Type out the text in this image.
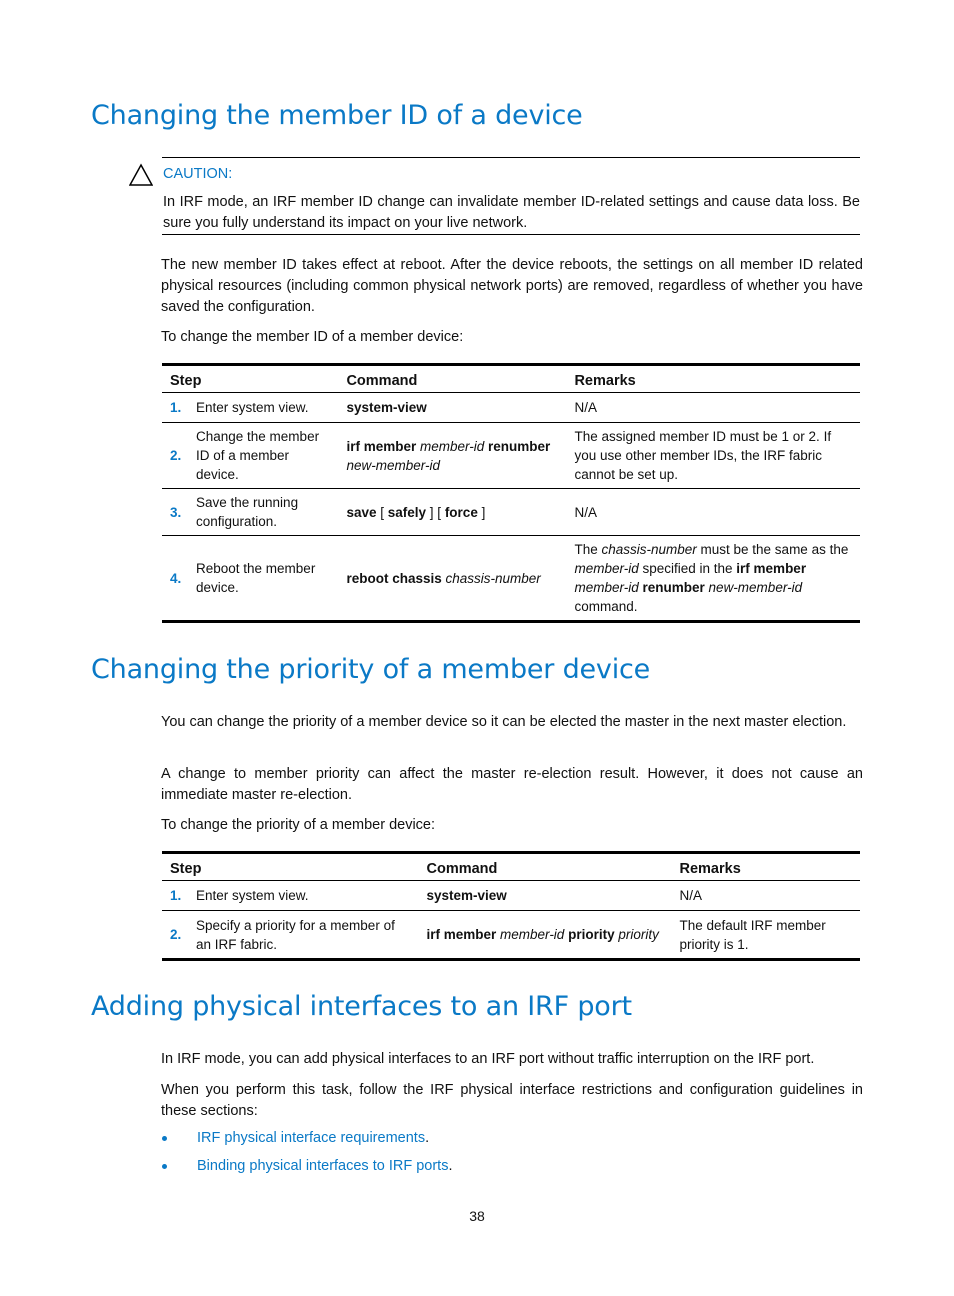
Changing the member ID of a device
CAUTION:

In IRF mode, an IRF member ID change can invalidate member ID-related settings and cause data loss. Be sure you fully understand its impact on your live network.

The new member ID takes effect at reboot. After the device reboots, the settings on all member ID related physical resources (including common physical network ports) are removed, regardless of whether you have saved the configuration.

To change the member ID of a member device:

Step		Command	Remarks
1.	Enter system view.	system-view	N/A
2.	Change the member ID of a member device.	irf member member-id renumber new-member-id	The assigned member ID must be 1 or 2. If you use other member IDs, the IRF fabric cannot be set up.
3.	Save the running configuration.	save [ safely ] [ force ]	N/A
4.	Reboot the member device.	reboot chassis chassis-number	The chassis-number must be the same as the member-id specified in the irf member member-id renumber new-member-id command.
Changing the priority of a member device

You can change the priority of a member device so it can be elected the master in the next master election.

A change to member priority can affect the master re-election result. However, it does not cause an immediate master re-election.

To change the priority of a member device:

Step		Command	Remarks
1.	Enter system view.	system-view	N/A
2.	Specify a priority for a member of an IRF fabric.	irf member member-id priority priority	The default IRF member priority is 1.
Adding physical interfaces to an IRF port

In IRF mode, you can add physical interfaces to an IRF port without traffic interruption on the IRF port.

When you perform this task, follow the IRF physical interface restrictions and configuration guidelines in these sections:

IRF physical interface requirements.
Binding physical interfaces to IRF ports.
38
